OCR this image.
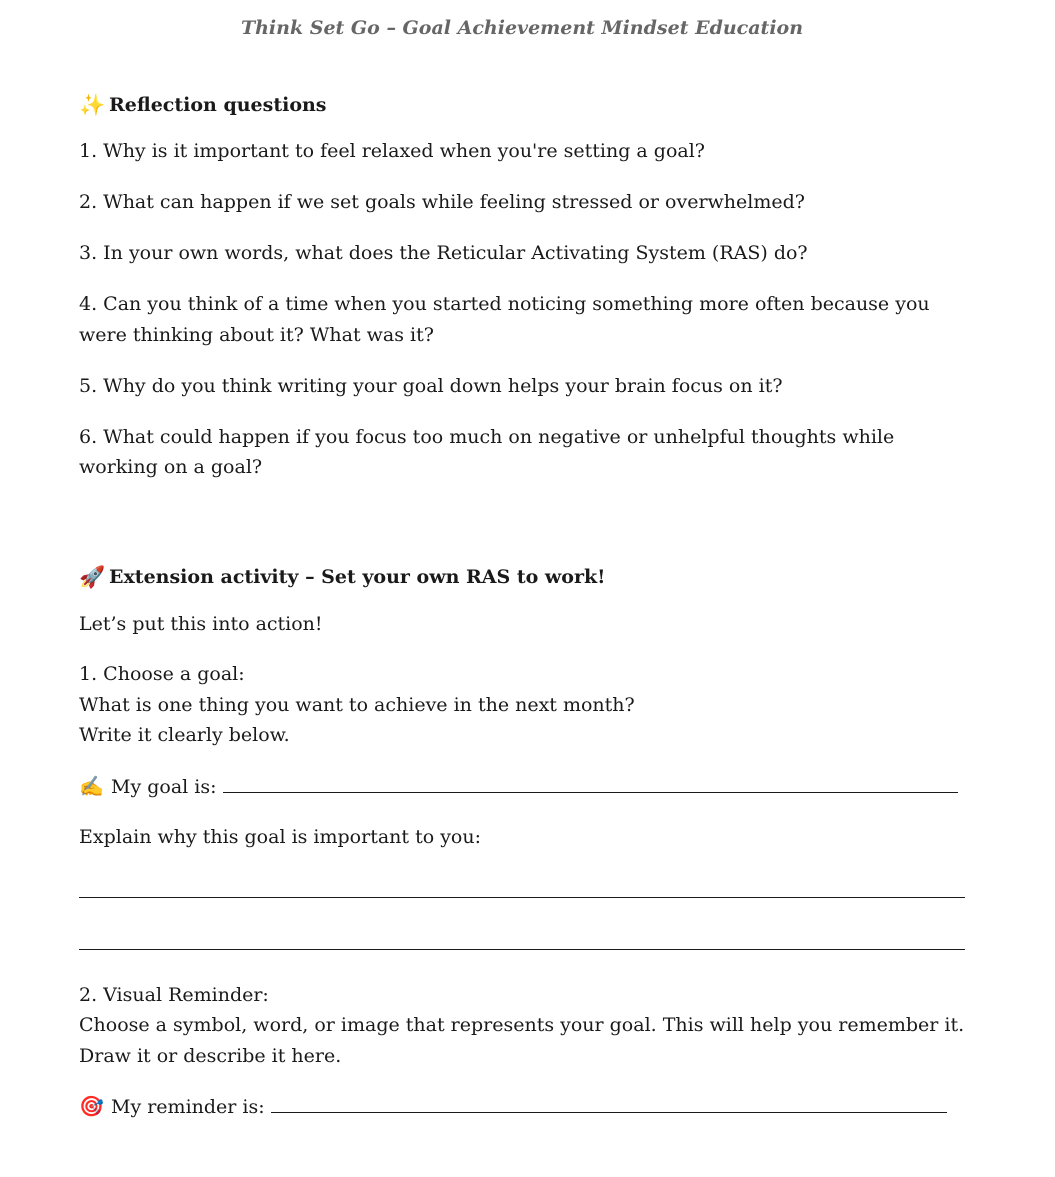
Think Set Go – Goal Achievement Mindset Education
✨ Reflection questions

1. Why is it important to feel relaxed when you're setting a goal?

2. What can happen if we set goals while feeling stressed or overwhelmed?

3. In your own words, what does the Reticular Activating System (RAS) do?

4. Can you think of a time when you started noticing something more often because you were thinking about it? What was it?

5. Why do you think writing your goal down helps your brain focus on it?

6. What could happen if you focus too much on negative or unhelpful thoughts while working on a goal?

🚀 Extension activity – Set your own RAS to work!

Let’s put this into action!

1. Choose a goal:

What is one thing you want to achieve in the next month?

Write it clearly below.

✍️ My goal is:

Explain why this goal is important to you:

2. Visual Reminder:

Choose a symbol, word, or image that represents your goal. This will help you remember it.

Draw it or describe it here.

🎯 My reminder is:
